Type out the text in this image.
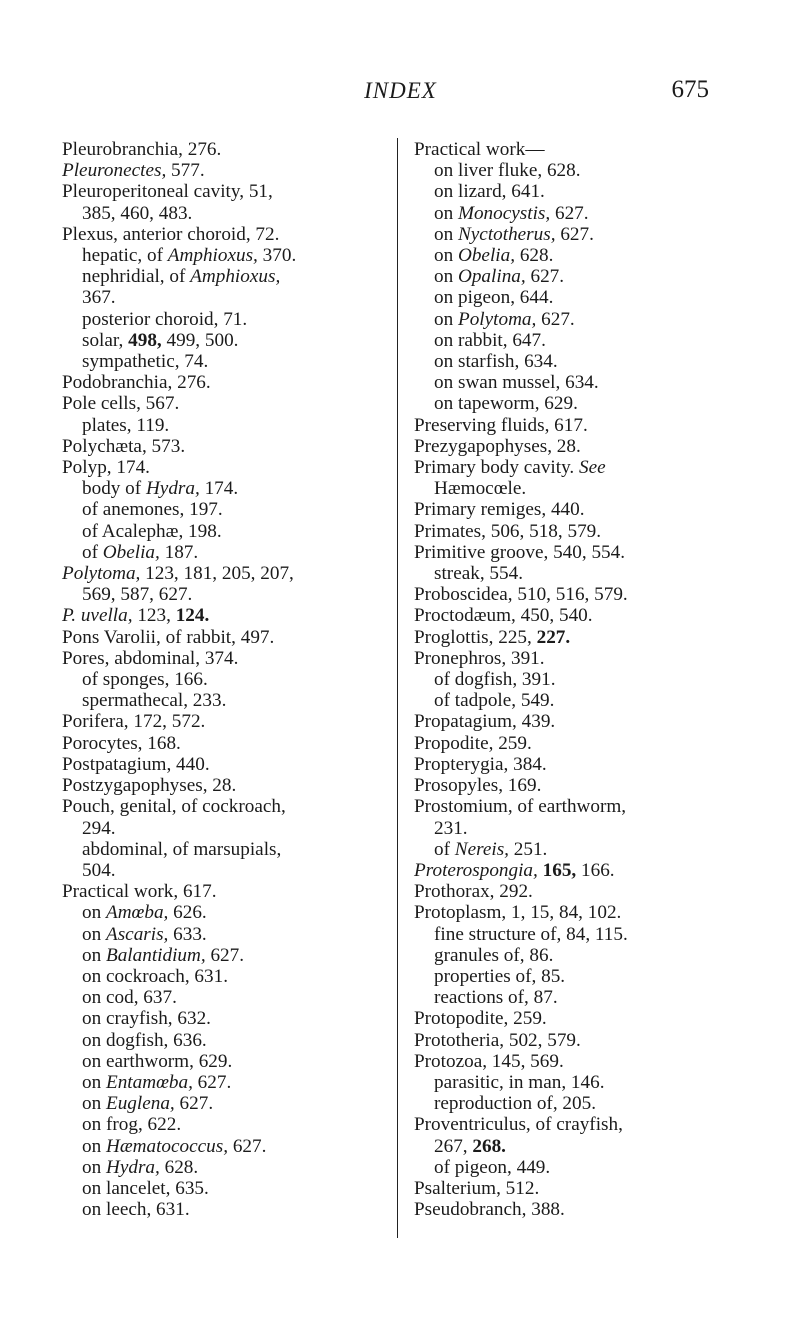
INDEX	675
Pleurobranchia, 276.
Pleuronectes, 577.
Pleuroperitoneal cavity, 51,
385, 460, 483.
Plexus, anterior choroid, 72.
hepatic, of Amphioxus, 370.
nephridial, of Amphioxus,
367.
posterior choroid, 71.
solar, 498, 499, 500.
sympathetic, 74.
Podobranchia, 276.
Pole cells, 567.
plates, 119.
Polychæta, 573.
Polyp, 174.
body of Hydra, 174.
of anemones, 197.
of Acalephæ, 198.
of Obelia, 187.
Polytoma, 123, 181, 205, 207,
569, 587, 627.
P. uvella, 123, 124.
Pons Varolii, of rabbit, 497.
Pores, abdominal, 374.
of sponges, 166.
spermathecal, 233.
Porifera, 172, 572.
Porocytes, 168.
Postpatagium, 440.
Postzygapophyses, 28.
Pouch, genital, of cockroach,
294.
abdominal, of marsupials,
504.
Practical work, 617.
on Amœba, 626.
on Ascaris, 633.
on Balantidium, 627.
on cockroach, 631.
on cod, 637.
on crayfish, 632.
on dogfish, 636.
on earthworm, 629.
on Entamœba, 627.
on Euglena, 627.
on frog, 622.
on Hæmatococcus, 627.
on Hydra, 628.
on lancelet, 635.
on leech, 631.
Practical work—
on liver fluke, 628.
on lizard, 641.
on Monocystis, 627.
on Nyctotherus, 627.
on Obelia, 628.
on Opalina, 627.
on pigeon, 644.
on Polytoma, 627.
on rabbit, 647.
on starfish, 634.
on swan mussel, 634.
on tapeworm, 629.
Preserving fluids, 617.
Prezygapophyses, 28.
Primary body cavity. See
Hæmocœle.
Primary remiges, 440.
Primates, 506, 518, 579.
Primitive groove, 540, 554.
streak, 554.
Proboscidea, 510, 516, 579.
Proctodæum, 450, 540.
Proglottis, 225, 227.
Pronephros, 391.
of dogfish, 391.
of tadpole, 549.
Propatagium, 439.
Propodite, 259.
Propterygia, 384.
Prosopyles, 169.
Prostomium, of earthworm,
231.
of Nereis, 251.
Proterospongia, 165, 166.
Prothorax, 292.
Protoplasm, 1, 15, 84, 102.
fine structure of, 84, 115.
granules of, 86.
properties of, 85.
reactions of, 87.
Protopodite, 259.
Prototheria, 502, 579.
Protozoa, 145, 569.
parasitic, in man, 146.
reproduction of, 205.
Proventriculus, of crayfish,
267, 268.
of pigeon, 449.
Psalterium, 512.
Pseudobranch, 388.
